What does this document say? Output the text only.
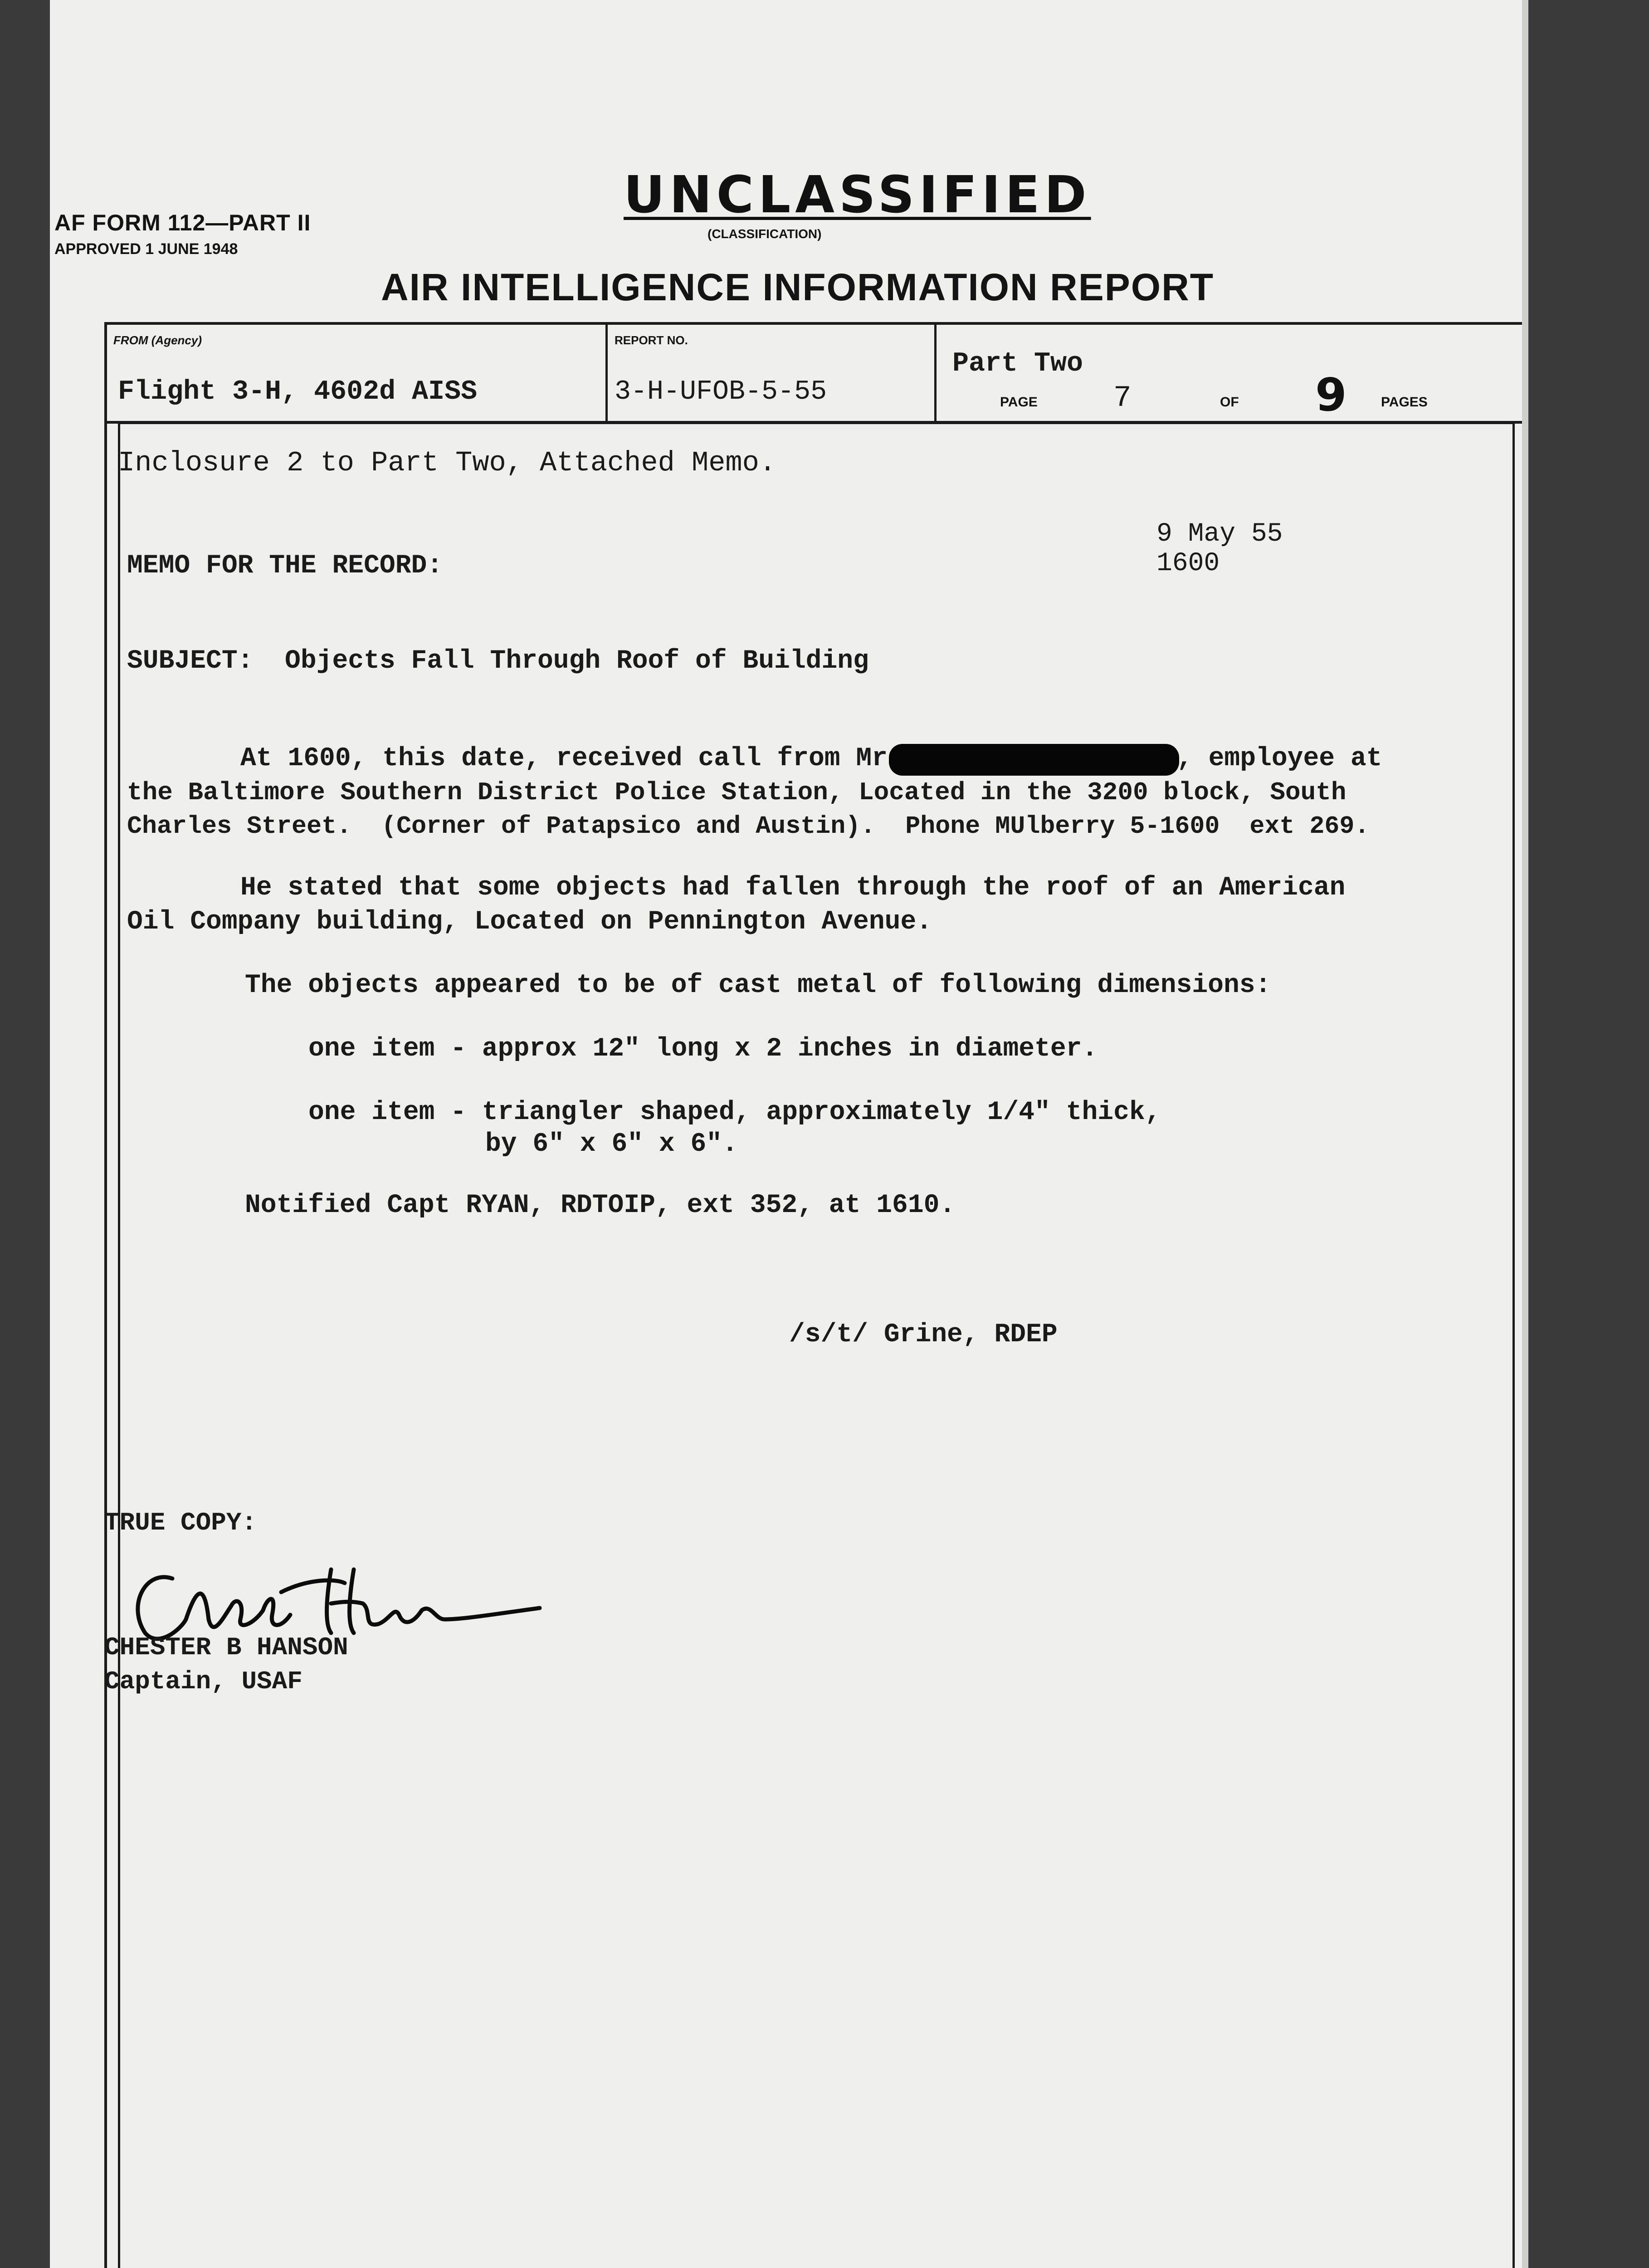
AF FORM 112—PART II
APPROVED 1 JUNE 1948
UNCLASSIFIED
(CLASSIFICATION)
AIR INTELLIGENCE INFORMATION REPORT
FROM (Agency)
Flight 3-H, 4602d AISS
REPORT NO.
3-H-UFOB-5-55
Part Two
PAGE	7	OF 9	PAGES
Inclosure 2 to Part Two, Attached Memo.
9 May 55
1600
MEMO FOR THE RECORD:
SUBJECT:  Objects Fall Through Roof of Building
At 1600, this date, received call from Mr	, employee at
the Baltimore Southern District Police Station, Located in the 3200 block, South
Charles Street.  (Corner of Patapsico and Austin).  Phone MUlberry 5-1600  ext 269.
He stated that some objects had fallen through the roof of an American
Oil Company building, Located on Pennington Avenue.
The objects appeared to be of cast metal of following dimensions:
one item - approx 12" long x 2 inches in diameter.
one item - triangler shaped, approximately 1/4" thick,
by 6" x 6" x 6".
Notified Capt RYAN, RDTOIP, ext 352, at 1610.
/s/t/ Grine, RDEP
TRUE COPY:
CHESTER B HANSON
Captain, USAF
